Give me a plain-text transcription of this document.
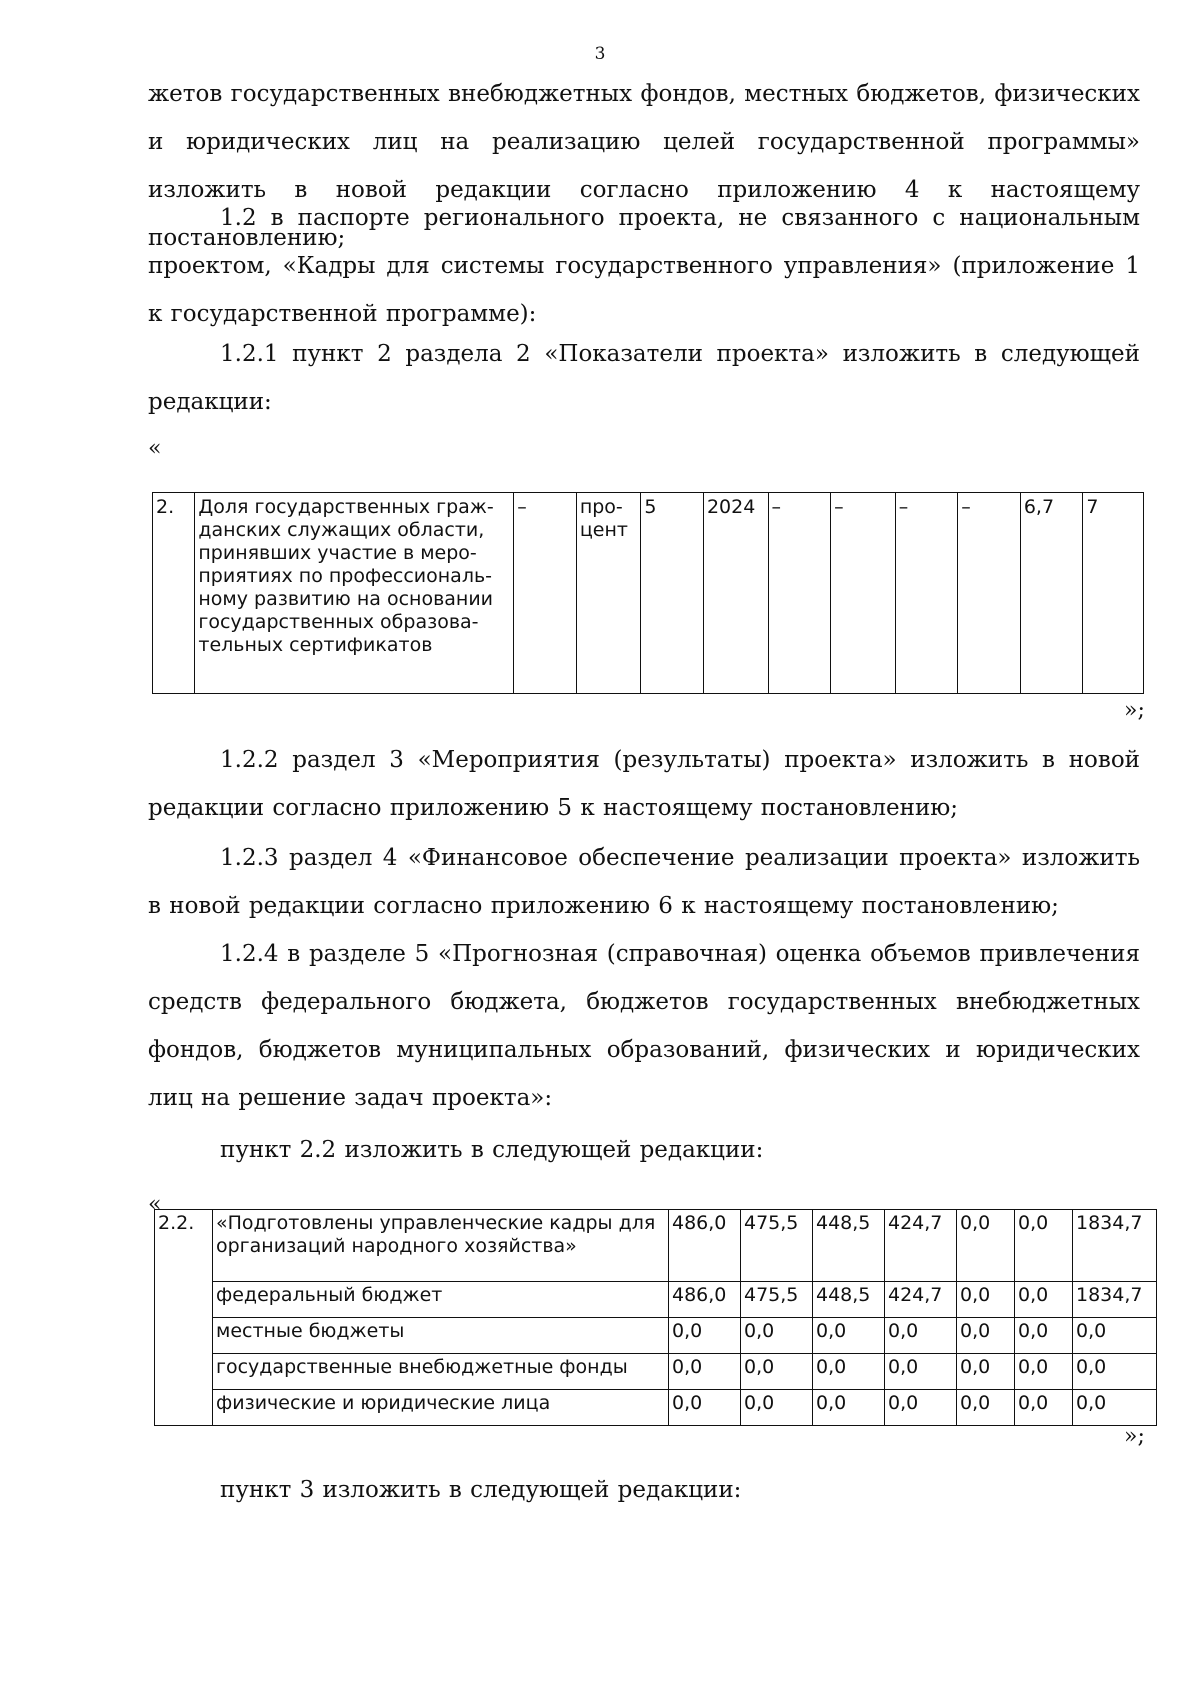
3

жетов государственных внебюджетных фондов, местных бюджетов, физических и юридических лиц на реализацию целей государственной программы» изложить в новой редакции согласно приложению 4 к настоящему постановлению;

1.2 в паспорте регионального проекта, не связанного с национальным проектом, «Кадры для системы государственного управления» (приложение 1 к государственной программе):

1.2.1 пункт 2 раздела 2 «Показатели проекта» изложить в следующей редакции:

«
2.	Доля государственных граж-данских служащих области, принявших участие в меро-приятиях по профессиональ-ному развитию на основании государственных образова-тельных сертификатов	–	про-цент	5	2024	–	–	–	–	6,7	7
»;

1.2.2 раздел 3 «Мероприятия (результаты) проекта» изложить в новой редакции согласно приложению 5 к настоящему постановлению;

1.2.3 раздел 4 «Финансовое обеспечение реализации проекта» изложить в новой редакции согласно приложению 6 к настоящему постановлению;

1.2.4 в разделе 5 «Прогнозная (справочная) оценка объемов привлечения средств федерального бюджета, бюджетов государственных внебюджетных фондов, бюджетов муниципальных образований, физических и юридических лиц на решение задач проекта»:

пункт 2.2 изложить в следующей редакции:

«
2.2.	«Подготовлены управленческие кадры для организаций народного хозяйства»	486,0	475,5	448,5	424,7	0,0	0,0	1834,7
	федеральный бюджет	486,0	475,5	448,5	424,7	0,0	0,0	1834,7
	местные бюджеты	0,0	0,0	0,0	0,0	0,0	0,0	0,0
	государственные внебюджетные фонды	0,0	0,0	0,0	0,0	0,0	0,0	0,0
	физические и юридические лица	0,0	0,0	0,0	0,0	0,0	0,0	0,0
»;

пункт 3 изложить в следующей редакции:
